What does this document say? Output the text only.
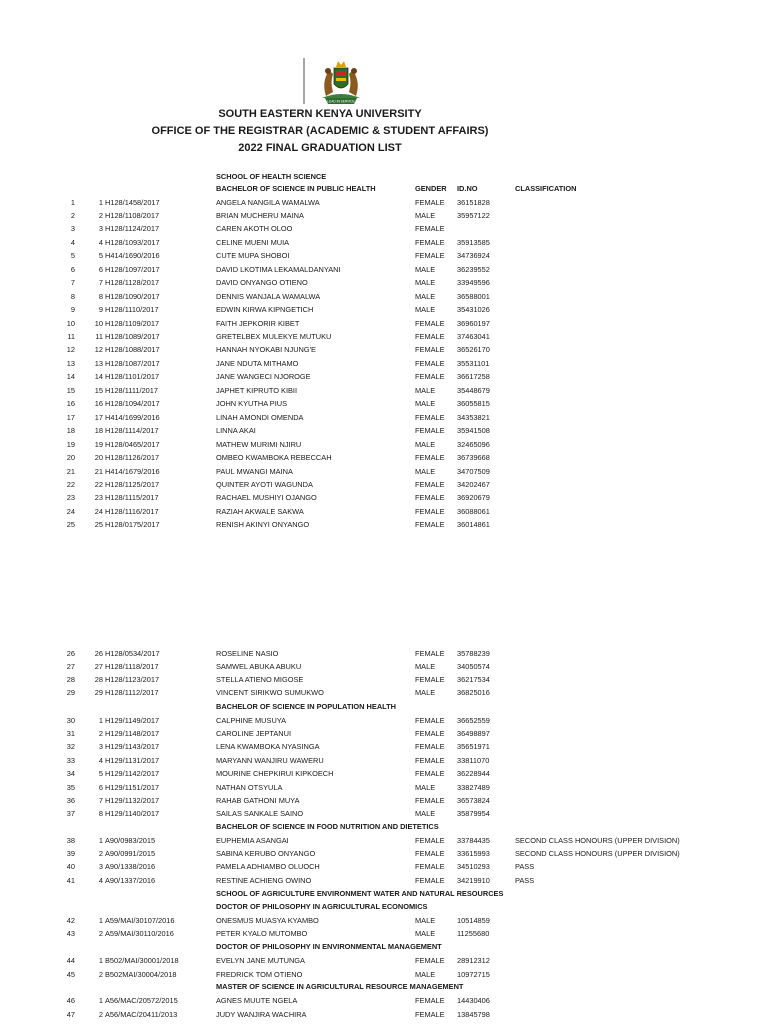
LEAD IN SERVICE
SOUTH EASTERN KENYA UNIVERSITY
OFFICE OF THE REGISTRAR (ACADEMIC & STUDENT AFFAIRS)
2022 FINAL GRADUATION LIST
SCHOOL OF HEALTH SCIENCE
BACHELOR OF SCIENCE IN PUBLIC HEALTH	GENDER ID.NO	CLASSIFICATION
BACHELOR OF SCIENCE IN POPULATION HEALTH
BACHELOR OF SCIENCE IN FOOD NUTRITION AND DIETETICS
SCHOOL OF AGRICULTURE ENVIRONMENT WATER AND NATURAL RESOURCES
DOCTOR OF PHILOSOPHY IN AGRICULTURAL ECONOMICS
DOCTOR OF PHILOSOPHY IN ENVIRONMENTAL MANAGEMENT
MASTER OF SCIENCE IN AGRICULTURAL RESOURCE MANAGEMENT
1	1 H128/1458/2017	ANGELA NANGILA WAMALWA	FEMALE 36151828
2	2 H128/1108/2017	BRIAN MUCHERU MAINA	MALE	35957122
3	3 H128/1124/2017	CAREN AKOTH OLOO	FEMALE
4	4 H128/1093/2017	CELINE MUENI MUIA	FEMALE 35913585
5	5 H414/1690/2016	CUTE MUPA SHOBOI	FEMALE 34736924
6	6 H128/1097/2017	DAVID LKOTIMA LEKAMALDANYANI	MALE	36239552
7	7 H128/1128/2017	DAVID ONYANGO OTIENO	MALE	33949596
8	8 H128/1090/2017	DENNIS WANJALA WAMALWA	MALE	36588001
9	9 H128/1110/2017	EDWIN KIRWA KIPNGETICH	MALE	35431026
10	10 H128/1109/2017	FAITH JEPKORIR KIBET	FEMALE 36960197
11	11 H128/1089/2017	GRETELBEX MULEKYE MUTUKU	FEMALE 37463041
12	12 H128/1088/2017	HANNAH NYOKABI NJUNG'E	FEMALE 36526170
13	13 H128/1087/2017	JANE NDUTA MITHAMO	FEMALE 35531101
14	14 H128/1101/2017	JANE WANGECI NJOROGE	FEMALE 36617258
15	15 H128/1111/2017	JAPHET KIPRUTO KIBII	MALE	35448679
16	16 H128/1094/2017	JOHN KYUTHA PIUS	MALE	36055815
17	17 H414/1699/2016	LINAH AMONDI OMENDA	FEMALE 34353821
18	18 H128/1114/2017	LINNA AKAI	FEMALE 35941508
19	19 H128/0465/2017	MATHEW MURIMI NJIRU	MALE	32465096
20	20 H128/1126/2017	OMBEO KWAMBOKA REBECCAH	FEMALE 36739668
21	21 H414/1679/2016	PAUL MWANGI MAINA	MALE	34707509
22	22 H128/1125/2017	QUINTER AYOTI WAGUNDA	FEMALE 34202467
23	23 H128/1115/2017	RACHAEL MUSHIYI OJANGO	FEMALE 36920679
24	24 H128/1116/2017	RAZIAH AKWALE SAKWA	FEMALE 36088061
25	25 H128/0175/2017	RENISH AKINYI ONYANGO	FEMALE 36014861
26	26 H128/0534/2017	ROSELINE NASIO	FEMALE 35788239
27	27 H128/1118/2017	SAMWEL ABUKA ABUKU	MALE	34050574
28	28 H128/1123/2017	STELLA ATIENO MIGOSE	FEMALE 36217534
29	29 H128/1112/2017	VINCENT SIRIKWO SUMUKWO	MALE	36825016
30	1 H129/1149/2017	CALPHINE MUSUYA	FEMALE 36652559
31	2 H129/1148/2017	CAROLINE JEPTANUI	FEMALE 36498897
32	3 H129/1143/2017	LENA KWAMBOKA NYASINGA	FEMALE 35651971
33	4 H129/1131/2017	MARYANN WANJIRU WAWERU	FEMALE 33811070
34	5 H129/1142/2017	MOURINE CHEPKIRUI KIPKOECH	FEMALE 36228944
35	6 H129/1151/2017	NATHAN OTSYULA	MALE	33827489
36	7 H129/1132/2017	RAHAB GATHONI MUYA	FEMALE 36573824
37	8 H129/1140/2017	SAILAS SANKALE SAINO	MALE	35879954
38	1 A90/0983/2015	EUPHEMIA ASANGAI	FEMALE 33784435	SECOND CLASS HONOURS (UPPER DIVISION)
39	2 A90/0991/2015	SABINA KERUBO ONYANGO	FEMALE 33615993	SECOND CLASS HONOURS (UPPER DIVISION)
40	3 A90/1338/2016	PAMELA ADHIAMBO OLUOCH	FEMALE 34510293	PASS
41	4 A90/1337/2016	RESTINE ACHIENG OWINO	FEMALE 34219910	PASS
42	1 A59/MAI/30107/2016	ONESMUS MUASYA KYAMBO	MALE	10514859
43	2 A59/MAI/30110/2016	PETER KYALO MUTOMBO	MALE	11255680
44	1 B502/MAI/30001/2018	EVELYN JANE MUTUNGA	FEMALE 28912312
45	2 B502MAI/30004/2018	FREDRICK TOM OTIENO	MALE	10972715
46	1 A56/MAC/20572/2015	AGNES MUUTE NGELA	FEMALE 14430406
47	2 A56/MAC/20411/2013	JUDY WANJIRA WACHIRA	FEMALE 13845798
